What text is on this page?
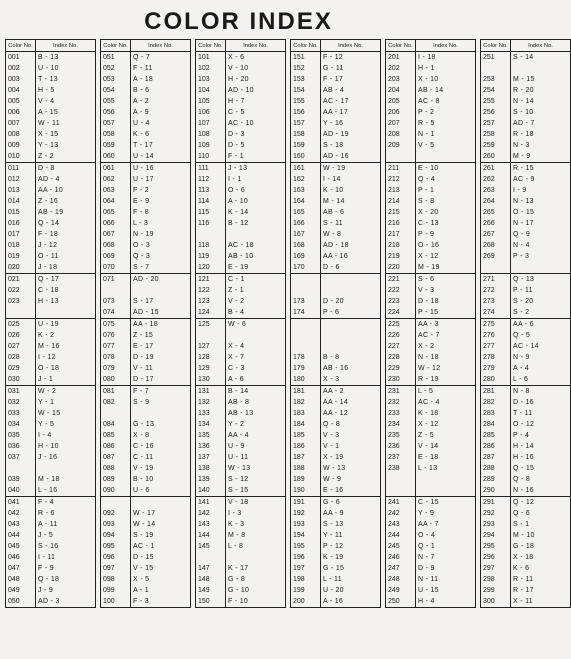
COLOR INDEX
Color No.	Index No.
001	B - 13
002	U - 10
003	T - 13
004	H - 5
005	V - 4
006	A - 15
007	W - 11
008	X - 15
009	Y - 13
010	Z - 2
011	D - 8
012	AD - 4
013	AA - 10
014	Z - 16
015	AB - 19
016	Q - 14
017	F - 18
018	J - 12
019	O - 11
020	J - 18
021	Q - 17
022	C - 18
023	H - 13

025	U - 19
026	K - 2
027	M - 16
028	I - 12
029	O - 18
030	J - 1
031	W - 2
032	Y - 1
033	W - 15
034	Y - 5
035	I - 4
036	H - 10
037	J - 16

039	M - 18
040	L - 16
041	F - 4
042	R - 6
043	A - 11
044	J - 5
045	S - 16
046	I - 11
047	F - 9
048	Q - 18
049	J - 9
050	AD - 3
Color No.	Index No.
051	Q - 7
052	F - 11
053	A - 18
054	B - 6
055	A - 2
056	A - 9
057	U - 4
058	K - 6
059	T - 17
060	U - 14
061	U - 16
062	U - 17
063	F - 2
064	E - 9
065	F - 8
066	L - 3
067	N - 19
068	O - 3
069	Q - 3
070	S - 7
071	AD - 20

073	S - 17
074	AD - 15
075	AA - 18
076	Z - 15
077	E - 17
078	D - 19
079	V - 11
080	D - 17
081	F - 7
082	S - 9

084	G - 13
085	X - 8
086	C - 16
087	C - 11
088	V - 19
089	B - 10
090	U - 6

092	W - 17
093	W - 14
094	S - 19
095	AC - 1
096	D - 15
097	V - 15
098	X - 5
099	A - 1
100	F - 3
Color No.	Index No.
101	X - 6
102	V - 10
103	H - 20
104	AD - 10
105	H - 7
106	C - 5
107	AC - 10
108	D - 3
109	D - 5
110	F - 1
111	J - 13
112	I - 1
113	O - 6
114	A - 10
115	K - 14
116	B - 12

118	AC - 18
119	AB - 10
120	E - 19
121	C - 1
122	Z - 1
123	V - 2
124	B - 4
125	W - 6

127	X - 4
128	X - 7
129	C - 3
130	A - 6
131	B - 14
132	AB - 8
133	AB - 13
134	Y - 2
135	AA - 4
136	U - 9
137	U - 11
138	W - 13
139	S - 12
140	S - 15
141	V - 18
142	I - 3
143	K - 3
144	M - 8
145	L - 8

147	K - 17
148	G - 8
149	G - 10
150	F - 10
Color No.	Index No.
151	F - 12
152	G - 11
153	F - 17
154	AB - 4
155	AC - 17
156	AA - 17
157	Y - 16
158	AD - 19
159	S - 18
160	AD - 16
161	W - 19
162	I - 14
163	K - 10
164	M - 14
165	AB - 6
166	S - 11
167	W - 8
168	AD - 18
169	AA - 16
170	D - 6

173	D - 20
174	P - 6

178	B - 8
179	AB - 16
180	X - 3
181	AA - 2
182	AA - 14
183	AA - 12
184	Q - 8
185	V - 3
186	V - 1
187	X - 19
188	W - 13
189	W - 9
190	E - 16
191	G - 6
192	AA - 9
193	S - 13
194	Y - 11
195	P - 12
196	K - 19
197	G - 15
198	L - 11
199	U - 20
200	A - 16
Color No.	Index No.
201	I - 18
202	H - 1
203	X - 10
204	AB - 14
205	AC - 8
206	P - 2
207	R - 5
208	N - 1
209	V - 5

211	E - 10
212	Q - 4
213	P - 1
214	S - 8
215	X - 20
216	C - 13
217	P - 9
218	O - 16
219	X - 12
220	M - 19
221	S - 6
222	V - 3
223	D - 18
224	P - 15
225	AA - 3
226	AC - 7
227	X - 2
228	N - 18
229	W - 12
230	R - 19
231	L - 5
232	AC - 4
233	K - 18
234	X - 12
235	Z - 5
236	V - 14
237	E - 18
238	L - 13

241	C - 15
242	Y - 9
243	AA - 7
244	O - 4
245	Q - 1
246	N - 7
247	D - 9
248	N - 11
249	U - 15
250	H - 4
Color No.	Index No.
251	S - 14

253	M - 15
254	R - 20
255	N - 14
256	S - 10
257	AD - 7
258	R - 18
259	N - 3
260	M - 9
261	R - 15
262	AC - 9
263	I - 9
264	N - 13
265	O - 15
266	N - 17
267	Q - 9
268	N - 4
269	P - 3

271	Q - 13
272	P - 11
273	S - 20
274	S - 2
275	AA - 6
276	Q - 5
277	AC - 14
278	N - 9
279	A - 4
280	L - 6
281	N - 8
282	D - 16
283	T - 11
284	O - 12
285	P - 4
286	H - 14
287	H - 16
288	Q - 15
289	Q - 8
290	N - 16
291	Q - 12
292	Q - 6
293	S - 1
294	M - 10
295	G - 18
296	X - 18
297	K - 6
298	R - 11
299	R - 17
300	X - 11
